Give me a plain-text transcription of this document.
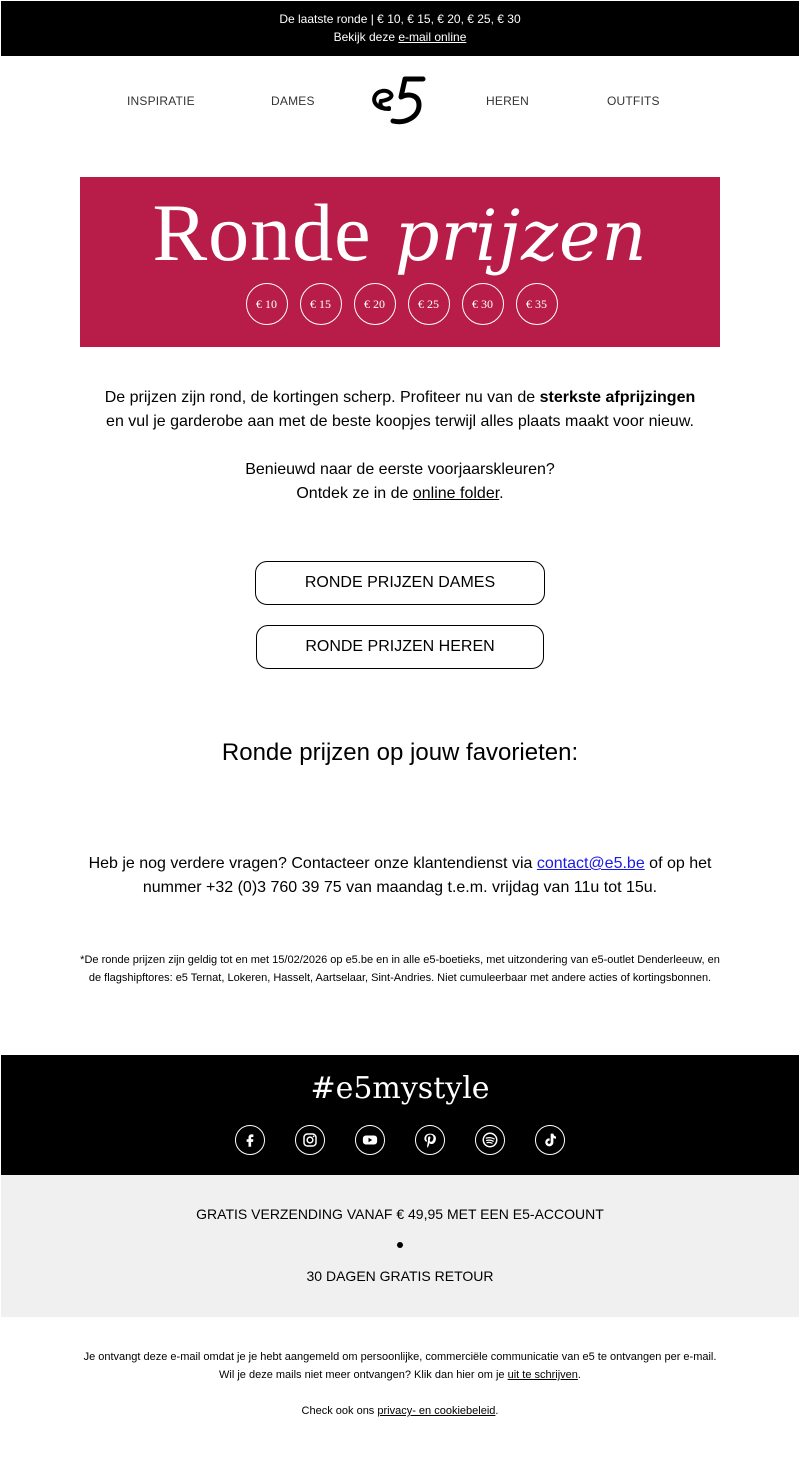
De laatste ronde | € 10, € 15, € 20, € 25, € 30
Bekijk deze e-mail online
INSPIRATIE	DAMES	HEREN	OUTFITS
Ronde prijzen
€ 10	€ 15	€ 20	€ 25	€ 30	€ 35

De prijzen zijn rond, de kortingen scherp. Profiteer nu van de sterkste afprijzingen en vul je garderobe aan met de beste koopjes terwijl alles plaats maakt voor nieuw.

Benieuwd naar de eerste voorjaarskleuren?
Ontdek ze in de online folder.

RONDE PRIJZEN DAMES
RONDE PRIJZEN HEREN
Ronde prijzen op jouw favorieten:
Heb je nog verdere vragen? Contacteer onze klantendienst via contact@e5.be of op het nummer +32 (0)3 760 39 75 van maandag t.e.m. vrijdag van 11u tot 15u.
*De ronde prijzen zijn geldig tot en met 15/02/2026 op e5.be en in alle e5-boetieks, met uitzondering van e5-outlet Denderleeuw, en de flagshipftores: e5 Ternat, Lokeren, Hasselt, Aartselaar, Sint-Andries. Niet cumuleerbaar met andere acties of kortingsbonnen.
#e5mystyle
GRATIS VERZENDING VANAF € 49,95 MET EEN E5-ACCOUNT
30 DAGEN GRATIS RETOUR

Je ontvangt deze e-mail omdat je je hebt aangemeld om persoonlijke, commerciële communicatie van e5 te ontvangen per e-mail. Wil je deze mails niet meer ontvangen? Klik dan hier om je uit te schrijven.

Check ook ons privacy- en cookiebeleid.
